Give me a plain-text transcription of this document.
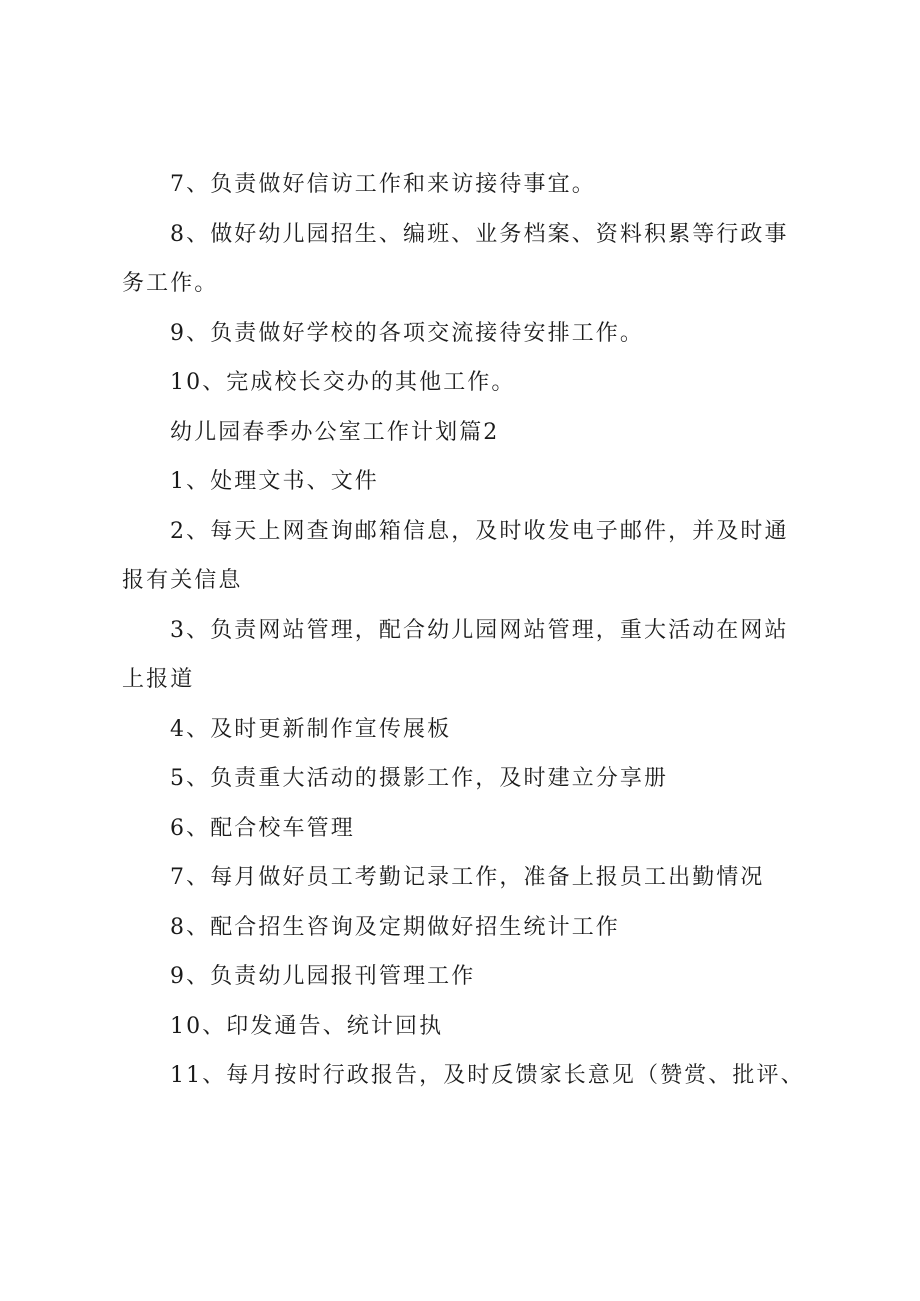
7、负责做好信访工作和来访接待事宜。

8、做好幼儿园招生、编班、业务档案、资料积累等行政事务工作。

9、负责做好学校的各项交流接待安排工作。

10、完成校长交办的其他工作。

幼儿园春季办公室工作计划篇2

1、处理文书、文件

2、每天上网查询邮箱信息，及时收发电子邮件，并及时通报有关信息

3、负责网站管理，配合幼儿园网站管理，重大活动在网站上报道

4、及时更新制作宣传展板

5、负责重大活动的摄影工作，及时建立分享册

6、配合校车管理

7、每月做好员工考勤记录工作，准备上报员工出勤情况

8、配合招生咨询及定期做好招生统计工作

9、负责幼儿园报刊管理工作

10、印发通告、统计回执

11、每月按时行政报告，及时反馈家长意见（赞赏、批评、
